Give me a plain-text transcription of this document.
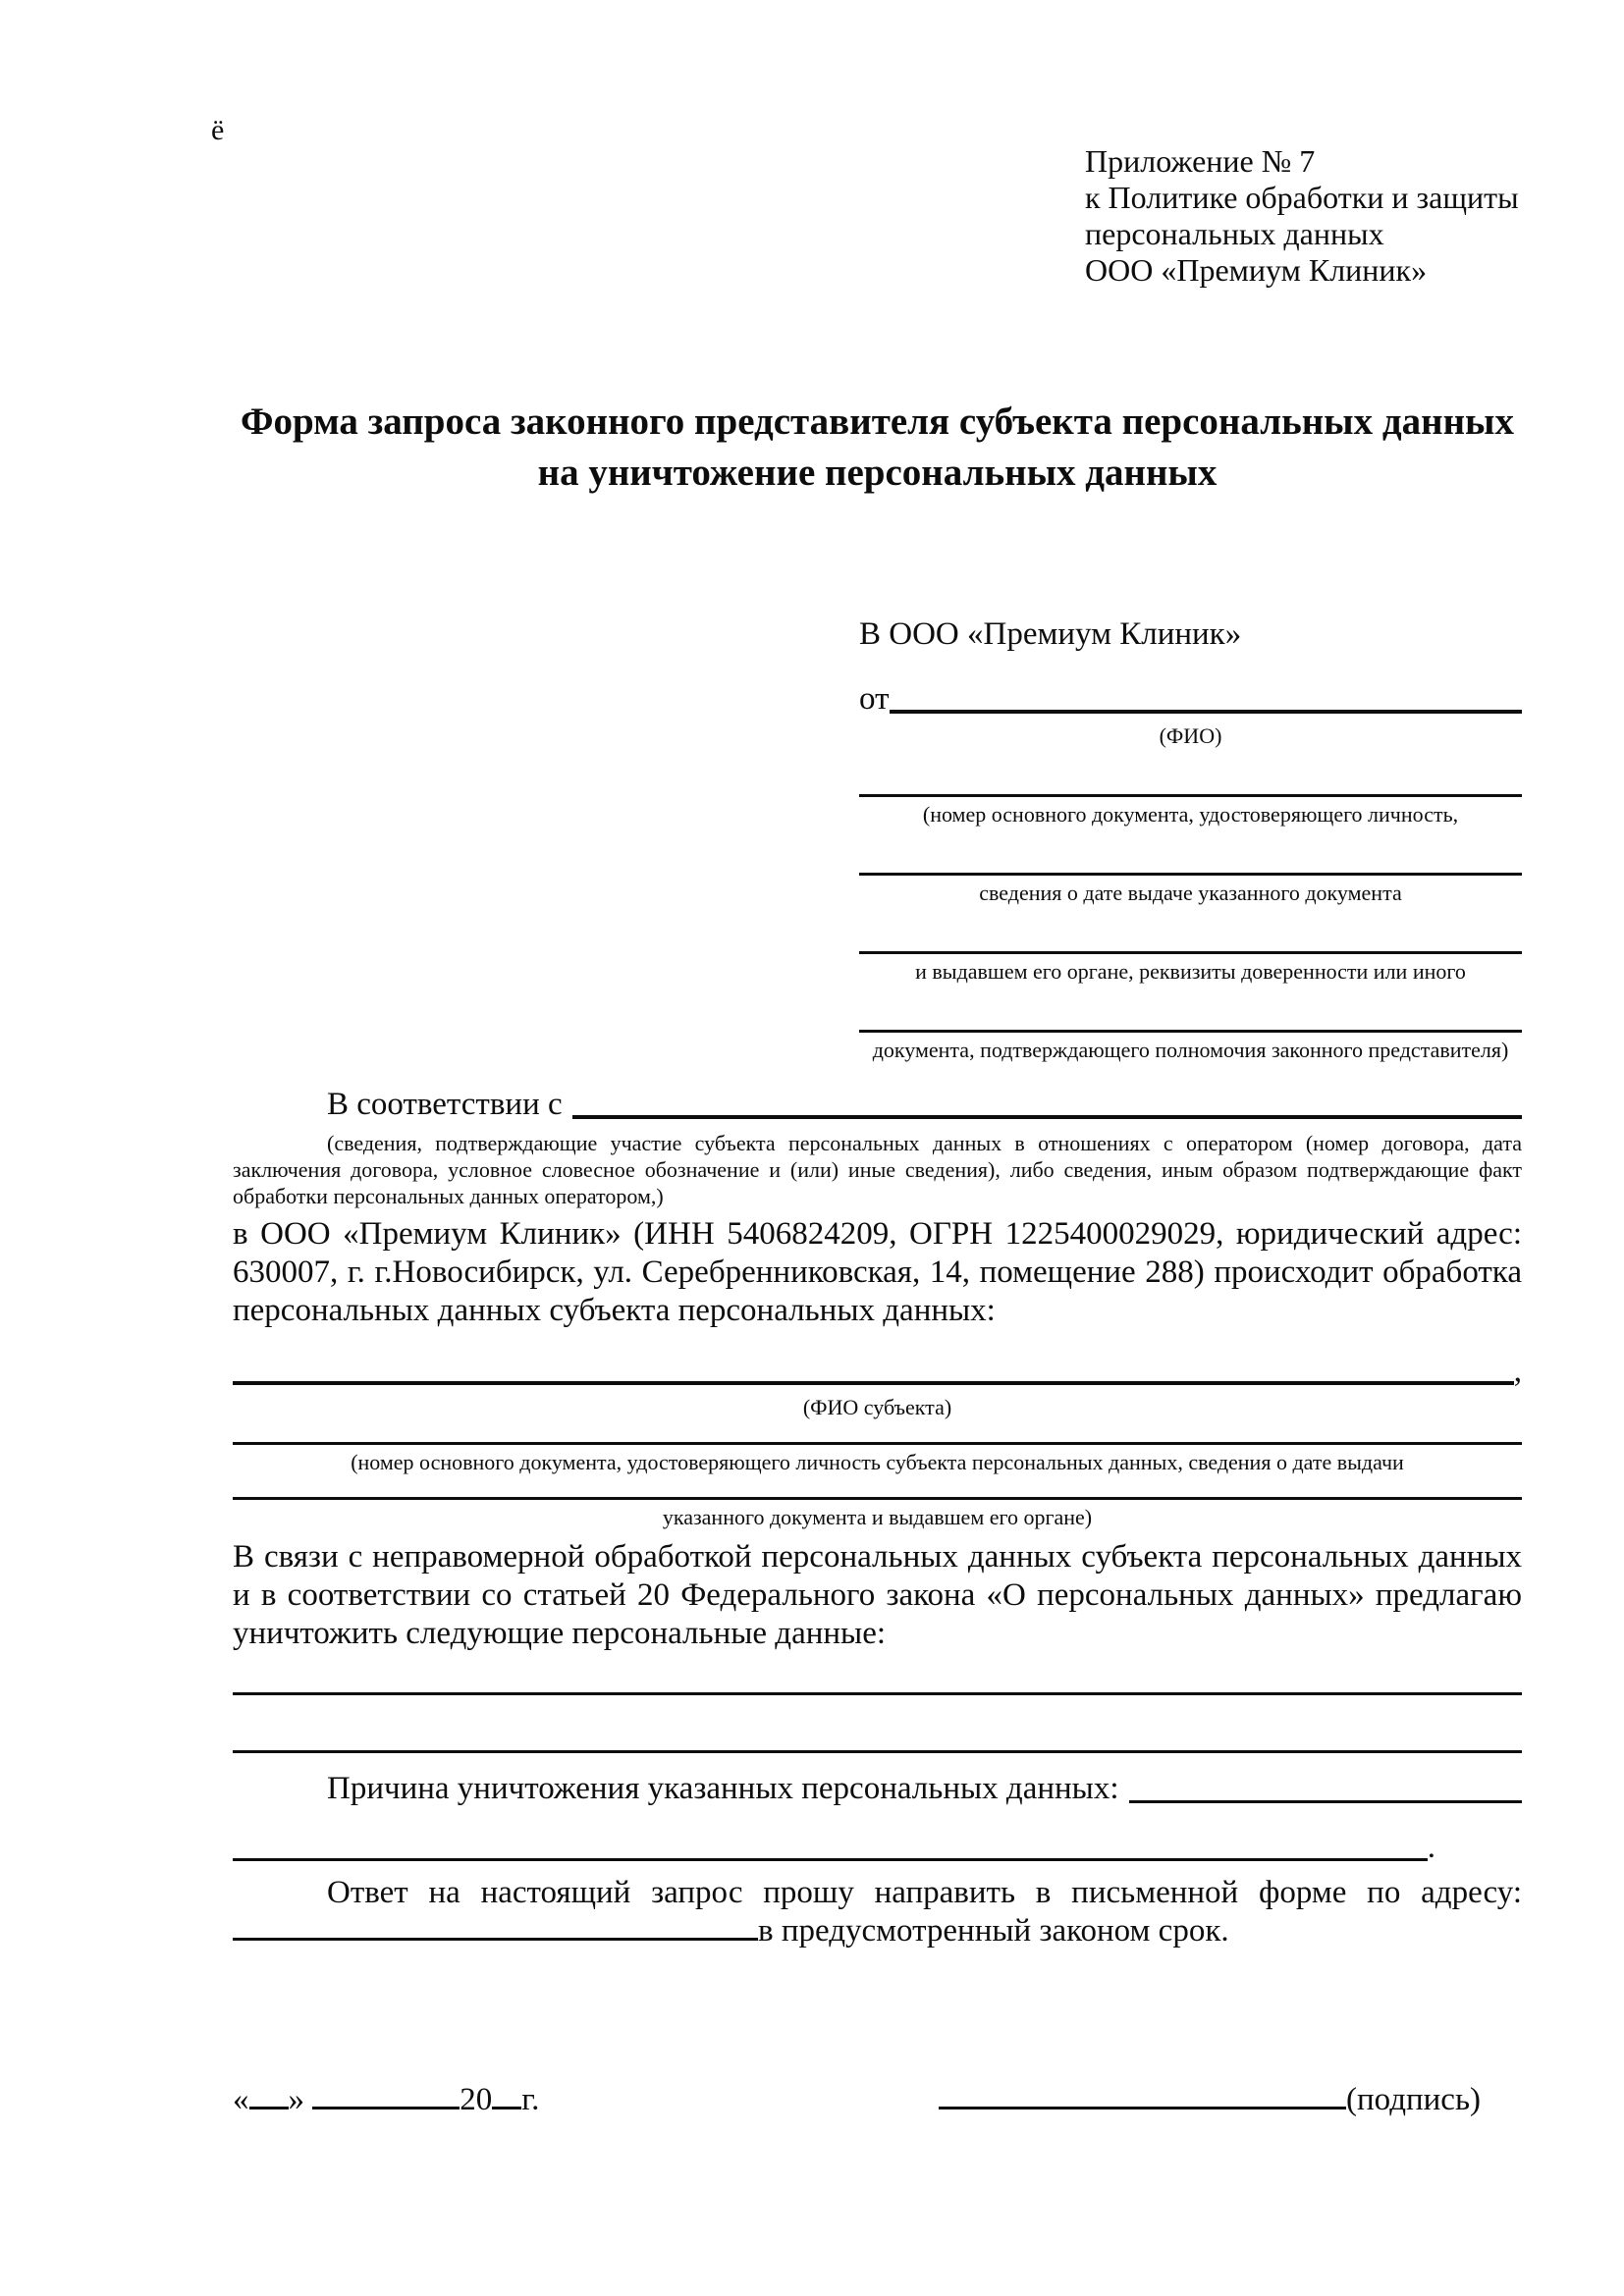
ё
Приложение № 7
к Политике обработки и защиты
персональных данных
ООО «Премиум Клиник»
Форма запроса законного представителя субъекта персональных данных
на уничтожение персональных данных
В ООО «Премиум Клиник»
от
(ФИО)
(номер основного документа, удостоверяющего личность,
сведения о дате выдаче указанного документа
и выдавшем его органе, реквизиты доверенности или иного
документа, подтверждающего полномочия законного представителя)
В соответствии с
(сведения, подтверждающие участие субъекта персональных данных в отношениях с оператором (номер договора, дата заключения договора, условное словесное обозначение и (или) иные сведения), либо сведения, иным образом подтверждающие факт обработки персональных данных оператором,)
в ООО «Премиум Клиник» (ИНН 5406824209, ОГРН 1225400029029, юридический адрес: 630007, г. г.Новосибирск, ул. Серебренниковская, 14, помещение 288) происходит обработка персональных данных субъекта персональных данных:
,
(ФИО субъекта)
(номер основного документа, удостоверяющего личность субъекта персональных данных, сведения о дате выдачи
указанного документа и выдавшем его органе)
В связи с неправомерной обработкой персональных данных субъекта персональных данных и в соответствии со статьей 20 Федерального закона «О персональных данных» предлагаю уничтожить следующие персональные данные:
Причина уничтожения указанных персональных данных:
.
Ответ на настоящий запрос прошу направить в письменной форме по адресу: в предусмотренный законом срок.
« »	20 г.	(подпись)
